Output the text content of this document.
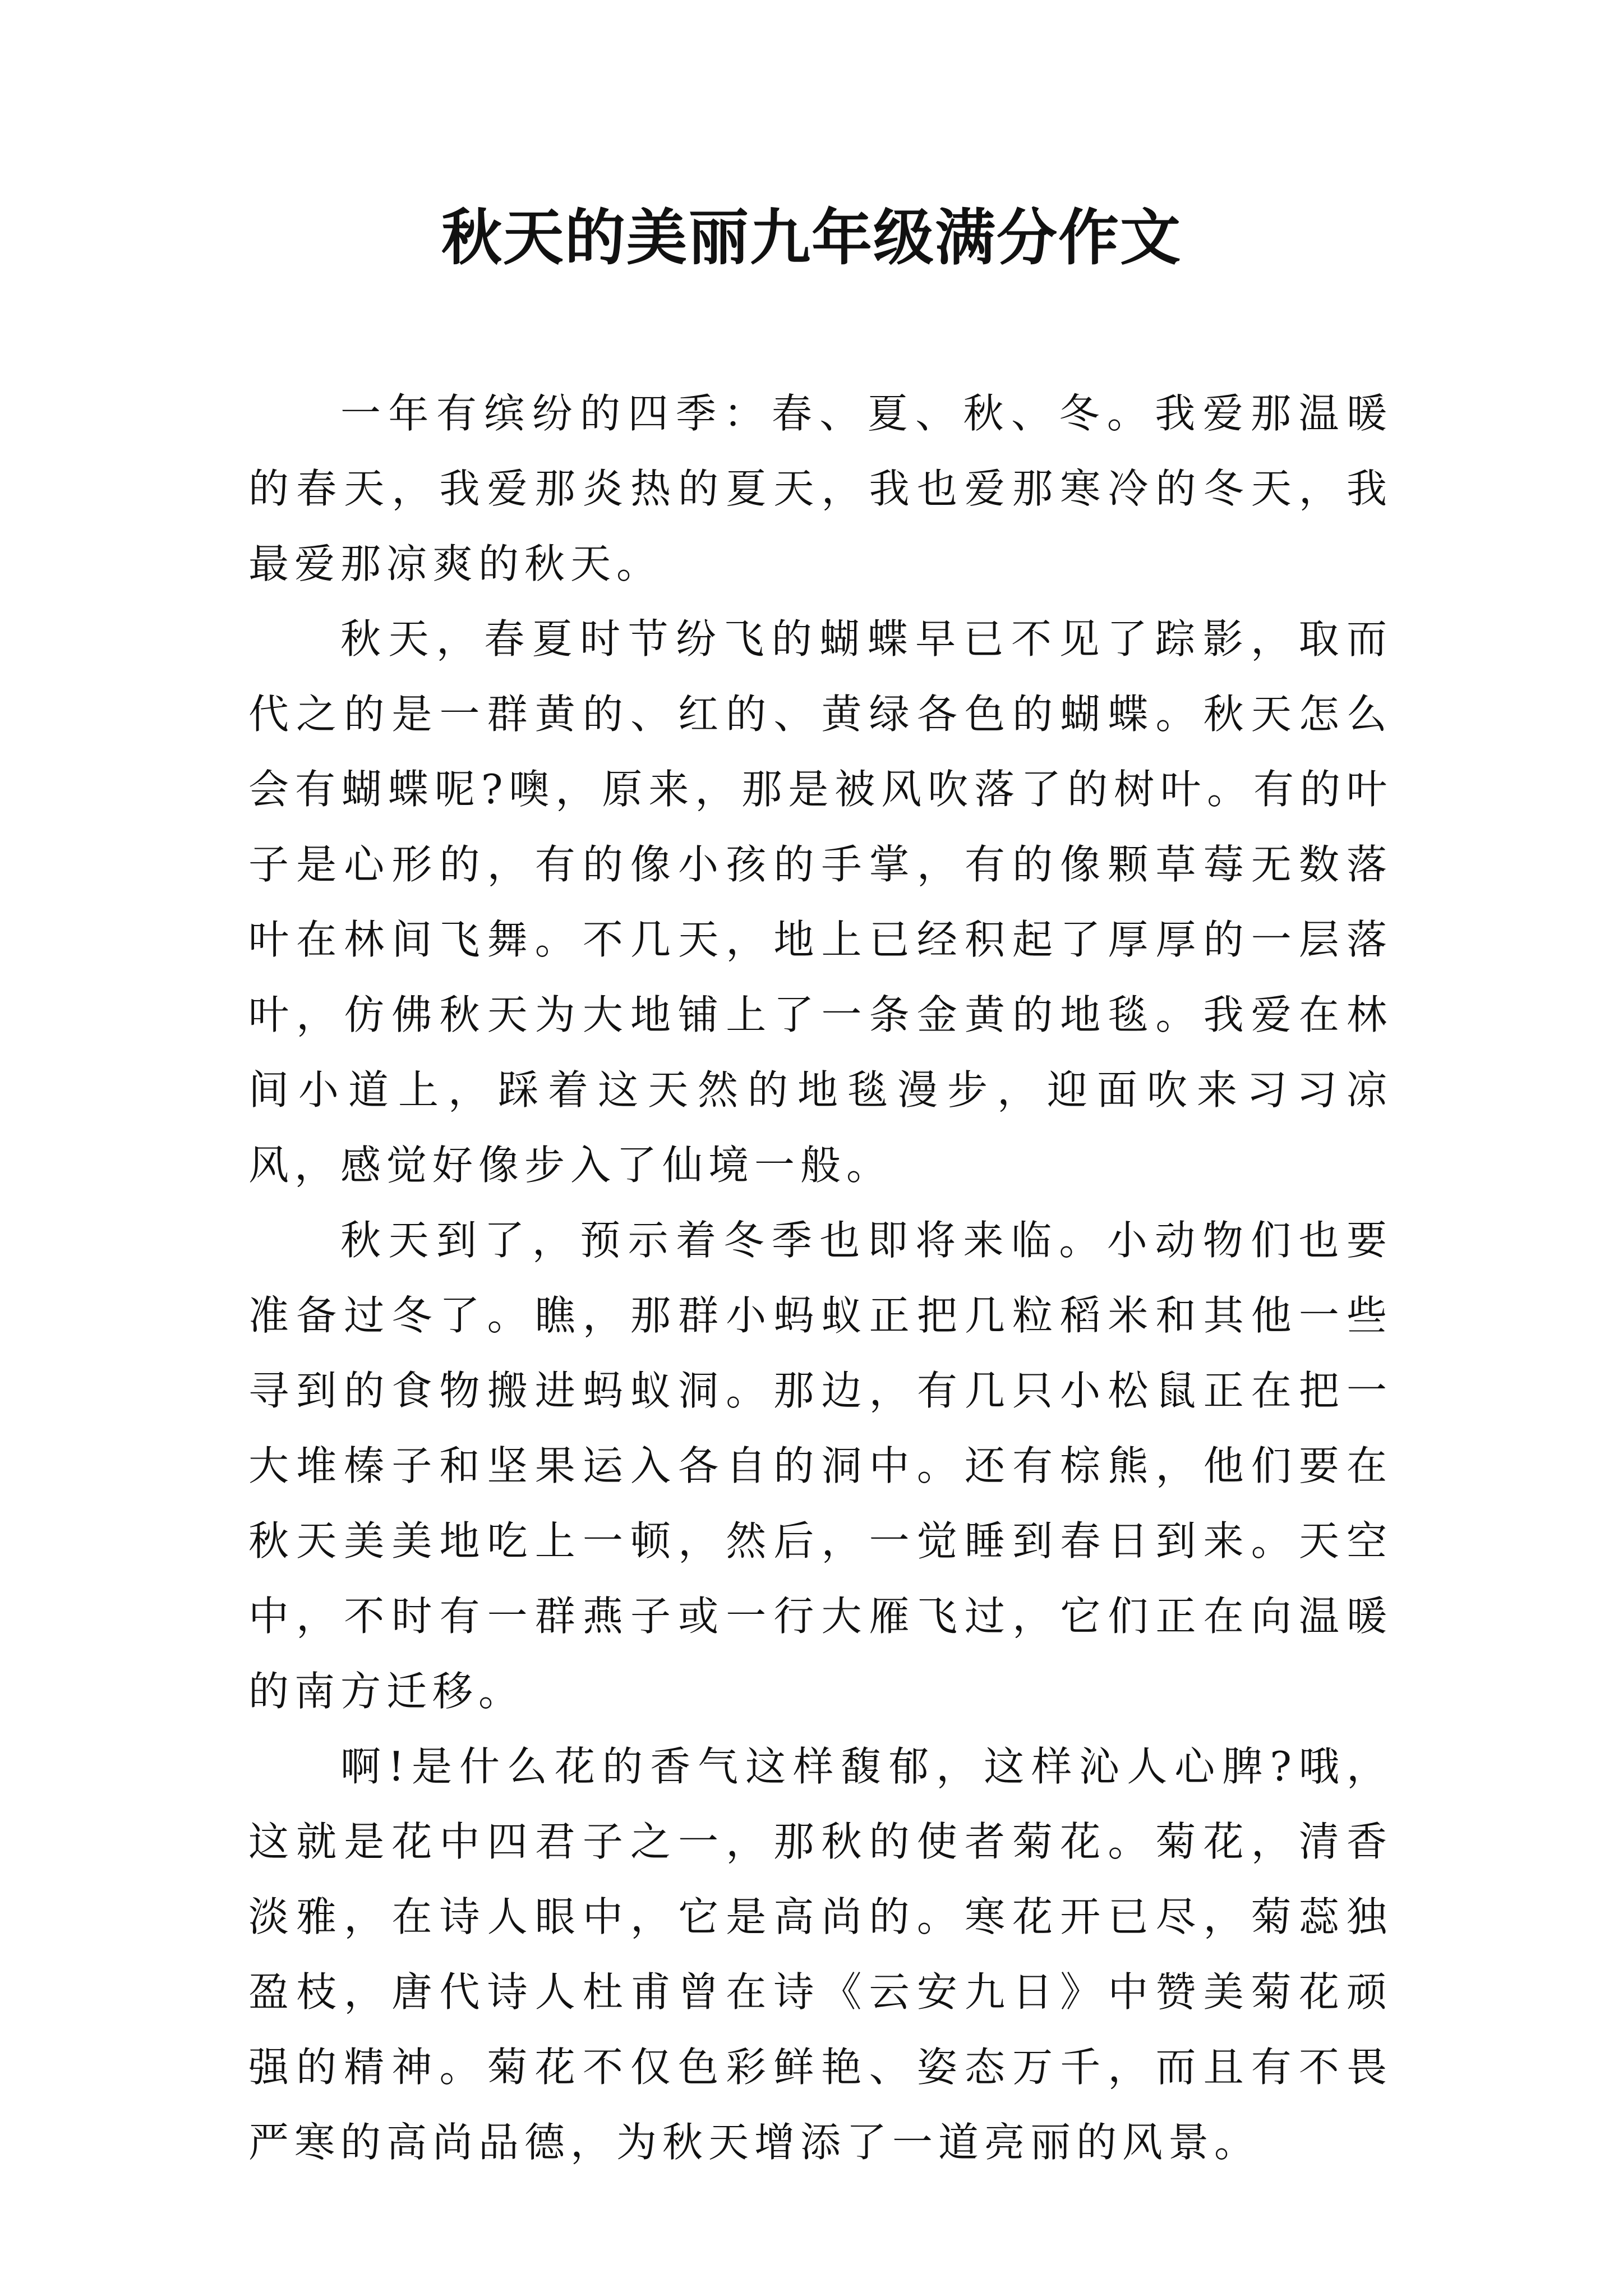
秋天的美丽九年级满分作文

一年有缤纷的四季：春、夏、秋、冬。我爱那温暖的春天，我爱那炎热的夏天，我也爱那寒冷的冬天，我最爱那凉爽的秋天。

秋天，春夏时节纷飞的蝴蝶早已不见了踪影，取而代之的是一群黄的、红的、黄绿各色的蝴蝶。秋天怎么会有蝴蝶呢?噢，原来，那是被风吹落了的树叶。有的叶子是心形的，有的像小孩的手掌，有的像颗草莓无数落叶在林间飞舞。不几天，地上已经积起了厚厚的一层落叶，仿佛秋天为大地铺上了一条金黄的地毯。我爱在林间小道上，踩着这天然的地毯漫步，迎面吹来习习凉风，感觉好像步入了仙境一般。

秋天到了，预示着冬季也即将来临。小动物们也要准备过冬了。瞧，那群小蚂蚁正把几粒稻米和其他一些寻到的食物搬进蚂蚁洞。那边，有几只小松鼠正在把一大堆榛子和坚果运入各自的洞中。还有棕熊，他们要在秋天美美地吃上一顿，然后，一觉睡到春日到来。天空中，不时有一群燕子或一行大雁飞过，它们正在向温暖的南方迁移。

啊!是什么花的香气这样馥郁，这样沁人心脾?哦，这就是花中四君子之一，那秋的使者菊花。菊花，清香淡雅，在诗人眼中，它是高尚的。寒花开已尽，菊蕊独盈枝，唐代诗人杜甫曾在诗《云安九日》中赞美菊花顽强的精神。菊花不仅色彩鲜艳、姿态万千，而且有不畏严寒的高尚品德，为秋天增添了一道亮丽的风景。
